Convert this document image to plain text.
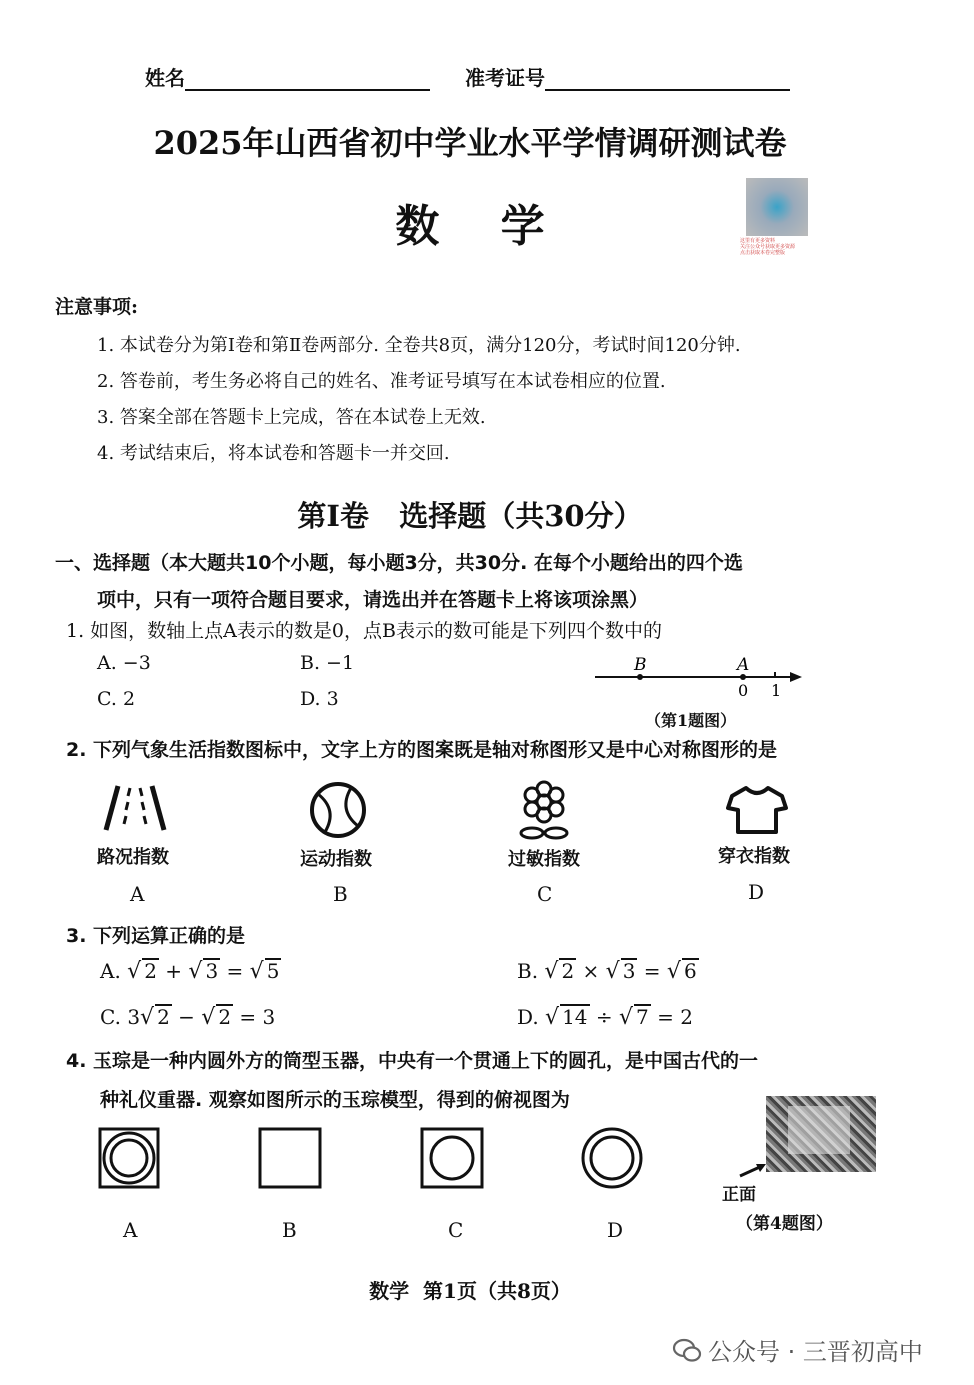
姓名	准考证号
2025年山西省初中学业水平学情调研测试卷
数    学	这里有更多资料
关注公众号获取更多资源
点击获取本卷完整版
注意事项:
1. 本试卷分为第Ⅰ卷和第Ⅱ卷两部分. 全卷共8页，满分120分，考试时间120分钟.
2. 答卷前，考生务必将自己的姓名、准考证号填写在本试卷相应的位置.
3. 答案全部在答题卡上完成，答在本试卷上无效.
4. 考试结束后，将本试卷和答题卡一并交回.
第Ⅰ卷   选择题（共30分）
一、选择题（本大题共10个小题，每小题3分，共30分. 在每个小题给出的四个选
项中，只有一项符合题目要求，请选出并在答题卡上将该项涂黑）
1. 如图，数轴上点A表示的数是0，点B表示的数可能是下列四个数中的
A. −3	B. −1
C. 2	D. 3
B	A
0 1
（第1题图）
2. 下列气象生活指数图标中，文字上方的图案既是轴对称图形又是中心对称图形的是
路况指数
A
运动指数
B
过敏指数
C
穿衣指数
D
3. 下列运算正确的是
A. √ 2 + √ 3 = √ 5	B. √ 2 × √ 3 = √ 6
C. 3√ 2 − √ 2 = 3	D. √ 14 ÷ √ 7 = 2
4. 玉琮是一种内圆外方的筒型玉器，中央有一个贯通上下的圆孔，是中国古代的一
种礼仪重器. 观察如图所示的玉琮模型，得到的俯视图为
A	B	C	D
正面
（第4题图）
数学  第1页（共8页）
公众号 · 三晋初高中
